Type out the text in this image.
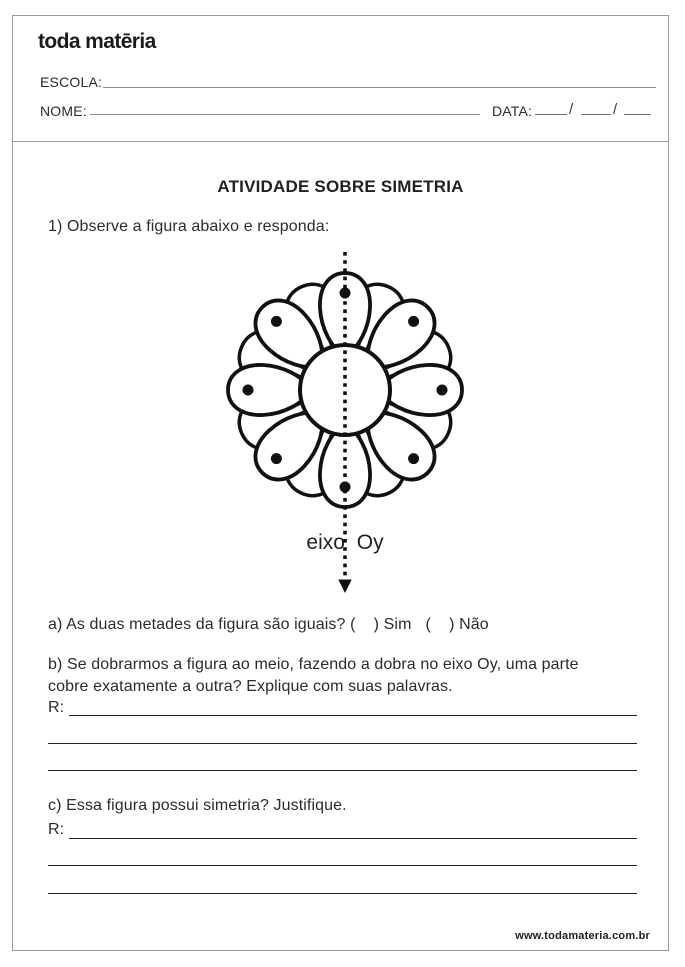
toda matēria
ESCOLA:
NOME:	DATA: /	/
ATIVIDADE SOBRE SIMETRIA
1) Observe a figura abaixo e responda:
eixo Oy
a) As duas metades da figura são iguais? (    ) Sim (    ) Não
b) Se dobrarmos a figura ao meio, fazendo a dobra no eixo Oy, uma parte
cobre exatamente a outra? Explique com suas palavras.
R:
c) Essa figura possui simetria? Justifique.
R:
www.todamateria.com.br
